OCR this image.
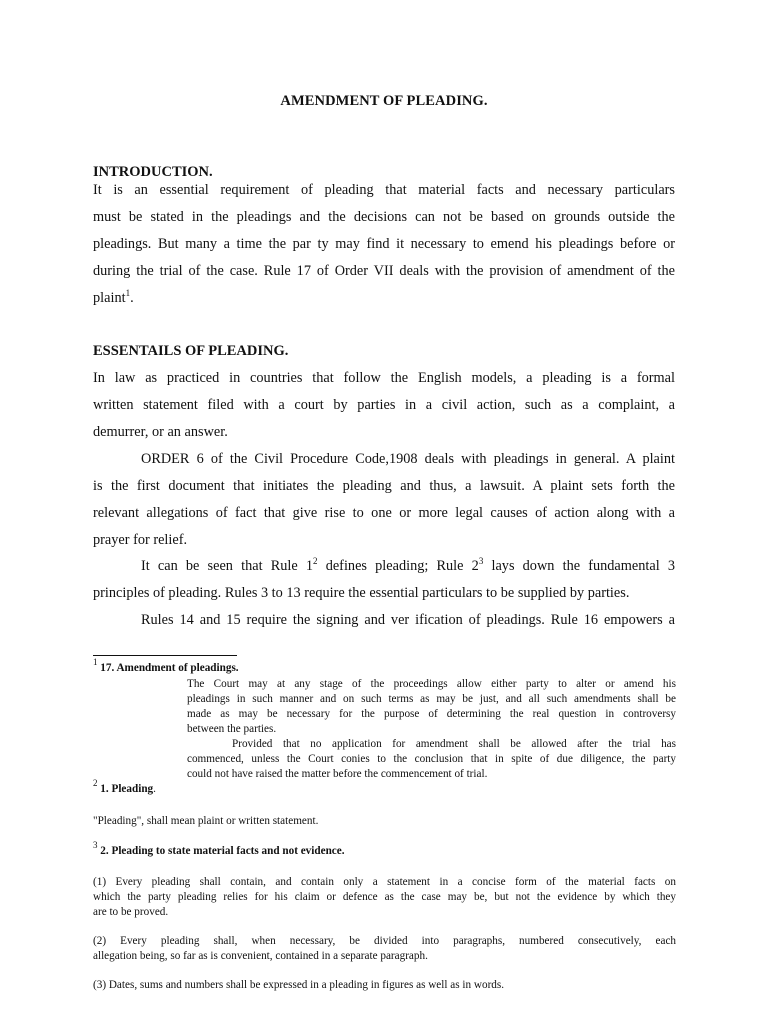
AMENDMENT OF PLEADING.
INTRODUCTION.
It is an essential requirement of pleading that material facts and necessary particulars
must be stated in the pleadings and the decisions can not be based on grounds outside the
pleadings. But many a time the par ty may find it necessary to emend his pleadings before or
during the trial of the case. Rule 17 of Order VII deals with the provision of amendment of the
plaint$^1$.
ESSENTAILS OF PLEADING.
In law as practiced in countries that follow the English models, a pleading is a formal
written statement filed with a court by parties in a civil action, such as a complaint, a
demurrer, or an answer.
ORDER 6 of the Civil Procedure Code,1908 deals with pleadings in general. A plaint
is the first document that initiates the pleading and thus, a lawsuit. A plaint sets forth the
relevant allegations of fact that give rise to one or more legal causes of action along with a
prayer for relief.
It can be seen that Rule $1^2$ defines pleading; Rule $2^3$ lays down the fundamental 3
principles of pleading. Rules 3 to 13 require the essential particulars to be supplied by parties.
Rules 14 and 15 require the signing and ver ification of pleadings. Rule 16 empowers a
$^1$ 17. Amendment of pleadings.
The Court may at any stage of the proceedings allow either party to alter or amend his
pleadings in such manner and on such terms as may be just, and all such amendments shall be
made as may be necessary for the purpose of determining the real question in controversy
between the parties.
Provided that no application for amendment shall be allowed after the trial has
commenced, unless the Court conies to the conclusion that in spite of due diligence, the party
could not have raised the matter before the commencement of trial.
$^2$ 1. Pleading.
"Pleading", shall mean plaint or written statement.
$^3$ 2. Pleading to state material facts and not evidence.
(1) Every pleading shall contain, and contain only a statement in a concise form of the material facts on
which the party pleading relies for his claim or defence as the case may be, but not the evidence by which they
are to be proved.
(2) Every pleading shall, when necessary, be divided into paragraphs, numbered consecutively, each
allegation being, so far as is convenient, contained in a separate paragraph.
(3) Dates, sums and numbers shall be expressed in a pleading in figures as well as in words.
